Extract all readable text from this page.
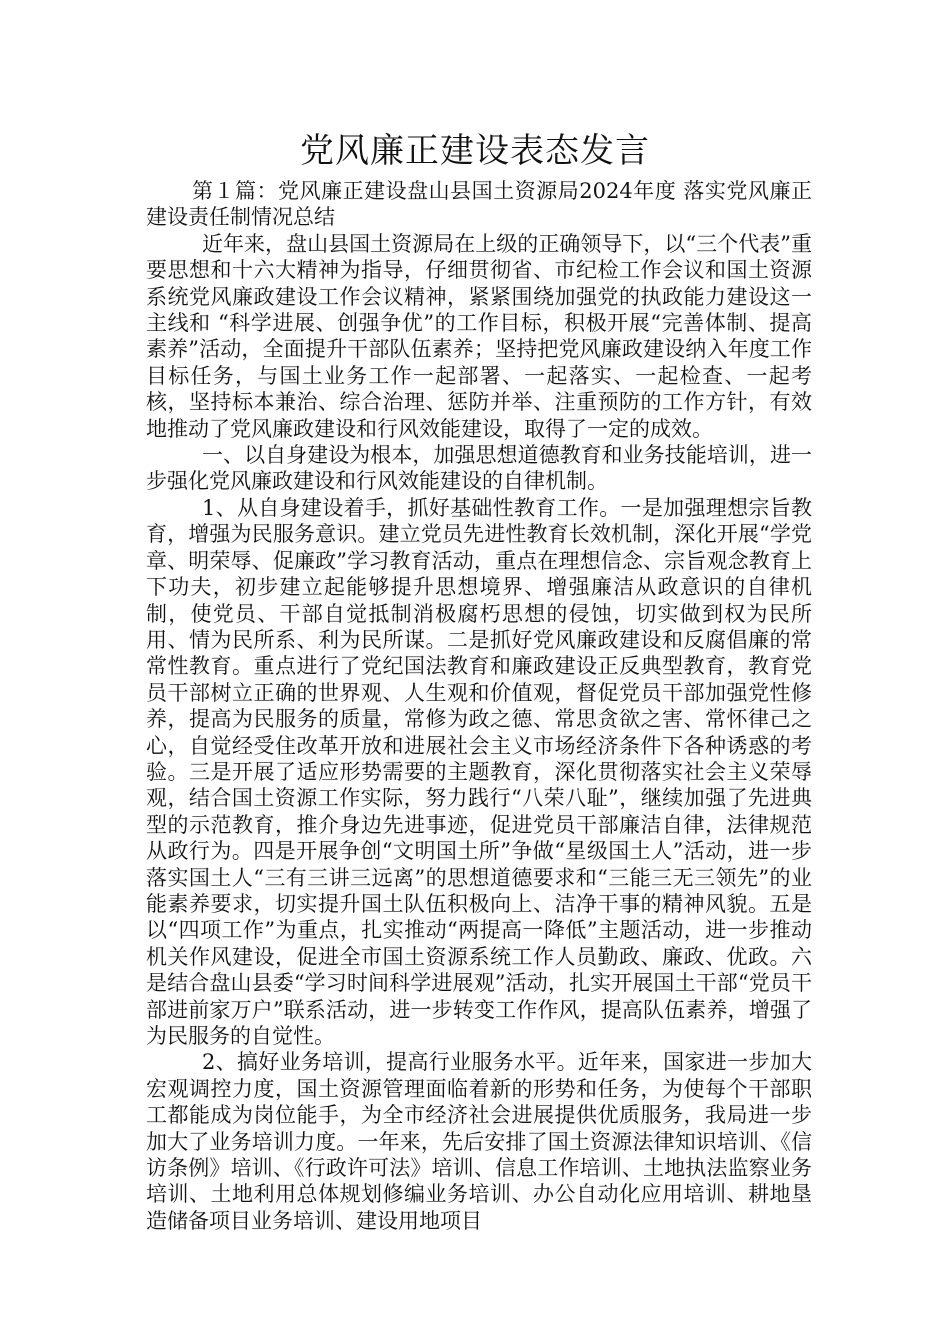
党风廉正建设表态发言

第１篇：党风廉正建设盘山县国土资源局2024年度 落实党风廉正建设责任制情况总结

近年来，盘山县国土资源局在上级的正确领导下，以“三个代表”重要思想和十六大精神为指导，仔细贯彻省、市纪检工作会议和国土资源系统党风廉政建设工作会议精神，紧紧围绕加强党的执政能力建设这一主线和 “科学进展、创强争优”的工作目标，积极开展“完善体制、提高素养”活动，全面提升干部队伍素养；坚持把党风廉政建设纳入年度工作目标任务，与国土业务工作一起部署、一起落实、一起检查、一起考核，坚持标本兼治、综合治理、惩防并举、注重预防的工作方针，有效地推动了党风廉政建设和行风效能建设，取得了一定的成效。

一、以自身建设为根本，加强思想道德教育和业务技能培训，进一步强化党风廉政建设和行风效能建设的自律机制。

1、从自身建设着手，抓好基础性教育工作。一是加强理想宗旨教育，增强为民服务意识。建立党员先进性教育长效机制，深化开展“学党章、明荣辱、促廉政”学习教育活动，重点在理想信念、宗旨观念教育上下功夫，初步建立起能够提升思想境界、增强廉洁从政意识的自律机制，使党员、干部自觉抵制消极腐朽思想的侵蚀，切实做到权为民所用、情为民所系、利为民所谋。二是抓好党风廉政建设和反腐倡廉的常常性教育。重点进行了党纪国法教育和廉政建设正反典型教育，教育党员干部树立正确的世界观、人生观和价值观，督促党员干部加强党性修养，提高为民服务的质量，常修为政之德、常思贪欲之害、常怀律己之心，自觉经受住改革开放和进展社会主义市场经济条件下各种诱惑的考验。三是开展了适应形势需要的主题教育，深化贯彻落实社会主义荣辱观，结合国土资源工作实际，努力践行“八荣八耻”，继续加强了先进典型的示范教育，推介身边先进事迹，促进党员干部廉洁自律，法律规范从政行为。四是开展争创“文明国土所”争做“星级国土人”活动，进一步落实国土人“三有三讲三远离”的思想道德要求和“三能三无三领先”的业能素养要求，切实提升国土队伍积极向上、洁净干事的精神风貌。五是以“四项工作”为重点，扎实推动“两提高一降低”主题活动，进一步推动机关作风建设，促进全市国土资源系统工作人员勤政、廉政、优政。六是结合盘山县委“学习时间科学进展观”活动，扎实开展国土干部“党员干部进前家万户”联系活动，进一步转变工作作风，提高队伍素养，增强了为民服务的自觉性。

2、搞好业务培训，提高行业服务水平。近年来，国家进一步加大宏观调控力度，国土资源管理面临着新的形势和任务，为使每个干部职工都能成为岗位能手，为全市经济社会进展提供优质服务，我局进一步加大了业务培训力度。一年来，先后安排了国土资源法律知识培训、《信访条例》培训、《行政许可法》培训、信息工作培训、土地执法监察业务培训、土地利用总体规划修编业务培训、办公自动化应用培训、耕地垦造储备项目业务培训、建设用地项目
